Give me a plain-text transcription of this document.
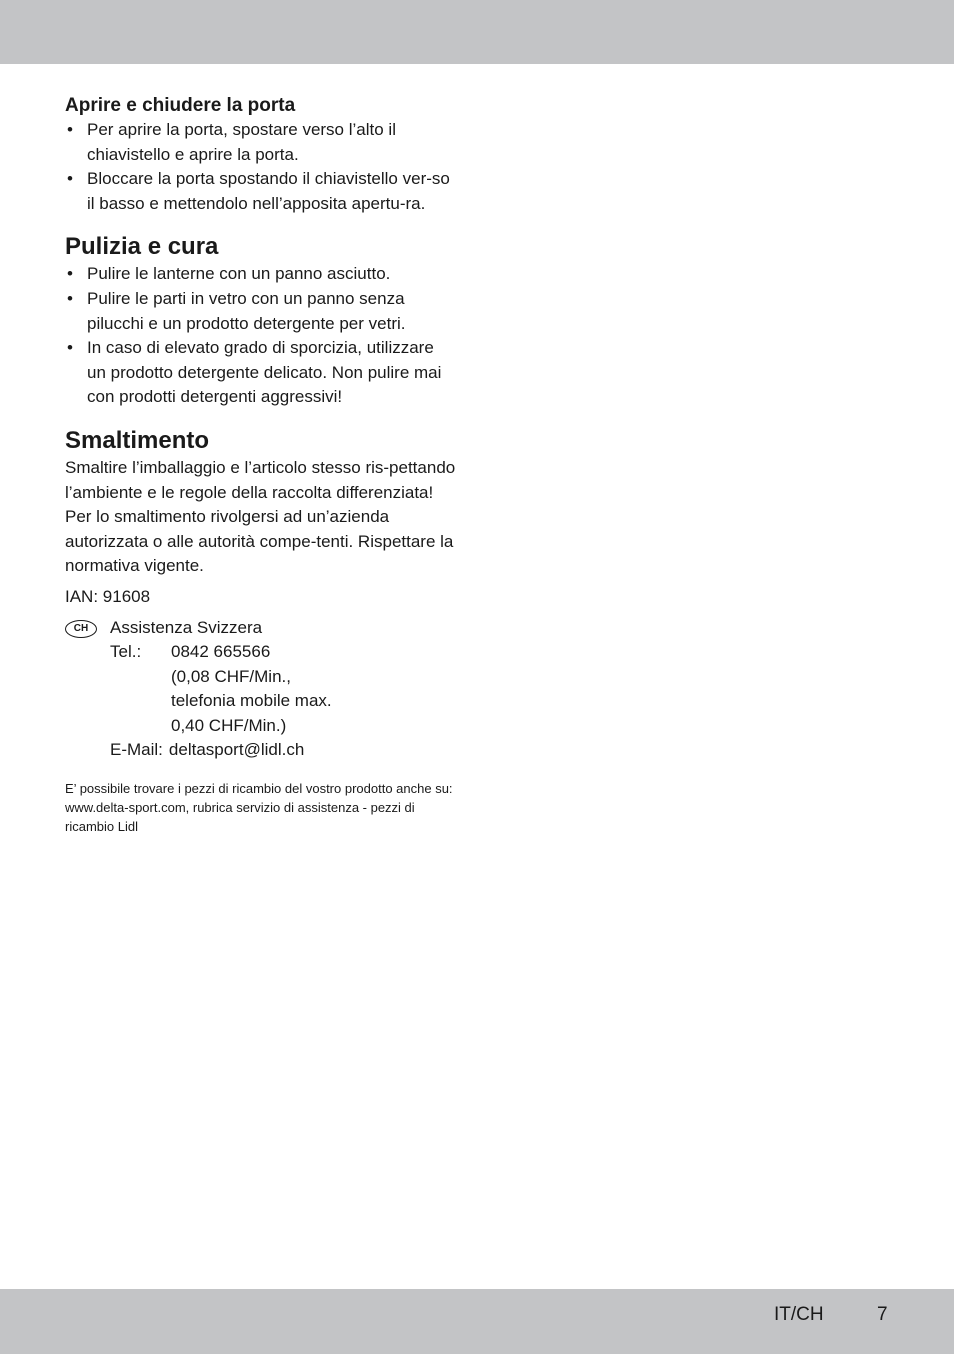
Aprire e chiudere la porta
• Per aprire la porta, spostare verso l’alto il chiavistello e aprire la porta.
• Bloccare la porta spostando il chiavistello ver-so il basso e mettendolo nell’apposita apertu-ra.
Pulizia e cura
• Pulire le lanterne con un panno asciutto.
• Pulire le parti in vetro con un panno senza pilucchi e un prodotto detergente per vetri.
• In caso di elevato grado di sporcizia, utilizzare un prodotto detergente delicato. Non pulire mai con prodotti detergenti aggressivi!
Smaltimento

Smaltire l’imballaggio e l’articolo stesso ris-pettando l’ambiente e le regole della raccolta differenziata! Per lo smaltimento rivolgersi ad un’azienda autorizzata o alle autorità compe-tenti. Rispettare la normativa vigente.

IAN: 91608

CH	Assistenza Svizzera
Tel.:	0842 665566
(0,08 CHF/Min.,
telefonia mobile max.
0,40 CHF/Min.)
E-Mail: deltasport@lidl.ch

E’ possibile trovare i pezzi di ricambio del vostro prodotto anche su: www.delta-sport.com, rubrica servizio di assistenza - pezzi di ricambio Lidl

IT/CH	7
